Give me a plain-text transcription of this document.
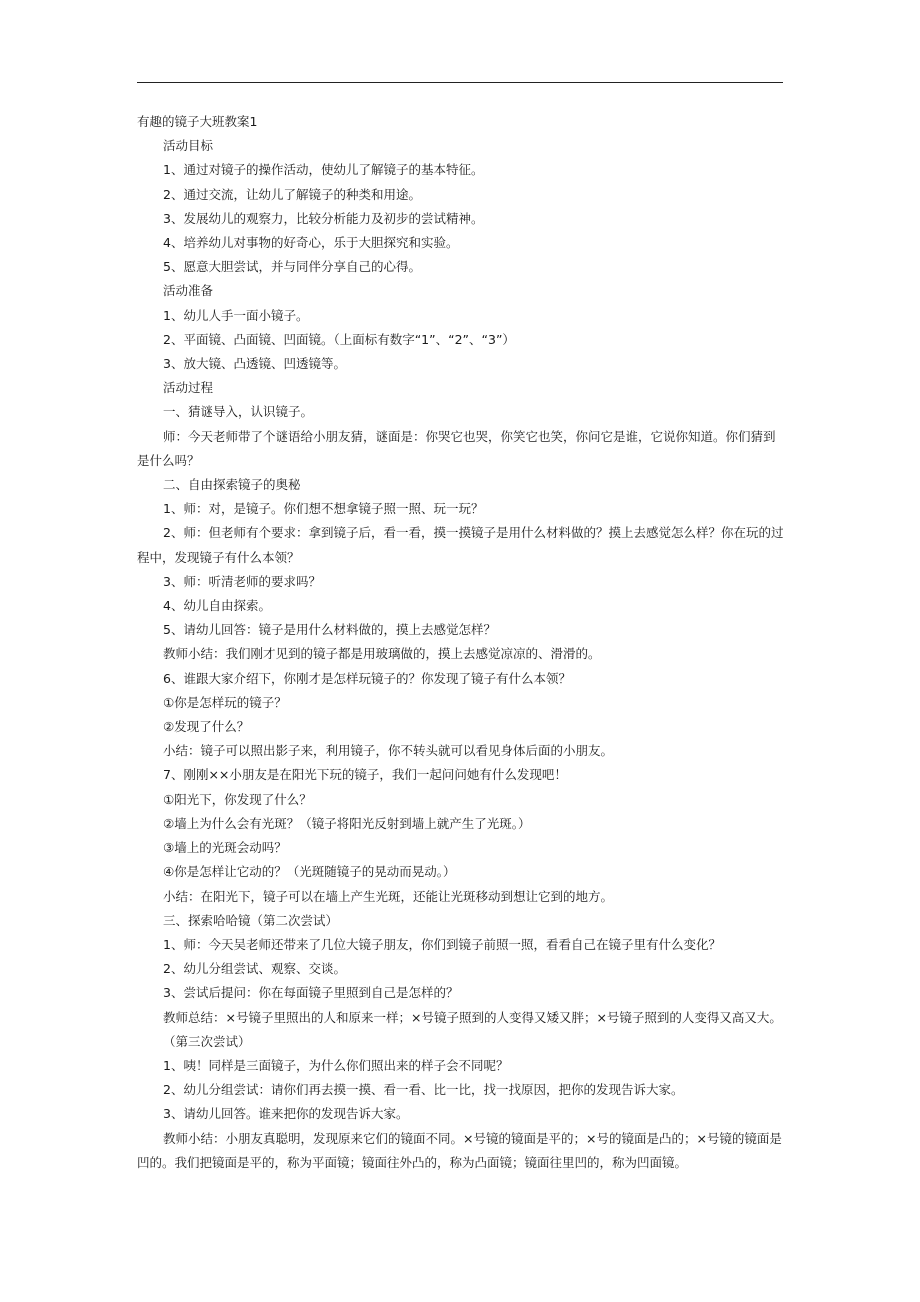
有趣的镜子大班教案1

活动目标

1、通过对镜子的操作活动，使幼儿了解镜子的基本特征。

2、通过交流，让幼儿了解镜子的种类和用途。

3、发展幼儿的观察力，比较分析能力及初步的尝试精神。

4、培养幼儿对事物的好奇心，乐于大胆探究和实验。

5、愿意大胆尝试，并与同伴分享自己的心得。

活动准备

1、幼儿人手一面小镜子。

2、平面镜、凸面镜、凹面镜。（上面标有数字“1”、“2”、“3”）

3、放大镜、凸透镜、凹透镜等。

活动过程

一、猜谜导入，认识镜子。

师：今天老师带了个谜语给小朋友猜，谜面是：你哭它也哭，你笑它也笑，你问它是谁，它说你知道。你们猜到是什么吗？

二、自由探索镜子的奥秘

1、师：对，是镜子。你们想不想拿镜子照一照、玩一玩？

2、师：但老师有个要求：拿到镜子后，看一看，摸一摸镜子是用什么材料做的？摸上去感觉怎么样？你在玩的过程中，发现镜子有什么本领？

3、师：听清老师的要求吗？

4、幼儿自由探索。

5、请幼儿回答：镜子是用什么材料做的，摸上去感觉怎样？

教师小结：我们刚才见到的镜子都是用玻璃做的，摸上去感觉凉凉的、滑滑的。

6、谁跟大家介绍下，你刚才是怎样玩镜子的？你发现了镜子有什么本领？

①你是怎样玩的镜子？

②发现了什么？

小结：镜子可以照出影子来，利用镜子，你不转头就可以看见身体后面的小朋友。

7、刚刚××小朋友是在阳光下玩的镜子，我们一起问问她有什么发现吧！

①阳光下，你发现了什么？

②墙上为什么会有光斑？（镜子将阳光反射到墙上就产生了光斑。）

③墙上的光斑会动吗？

④你是怎样让它动的？（光斑随镜子的晃动而晃动。）

小结：在阳光下，镜子可以在墙上产生光斑，还能让光斑移动到想让它到的地方。

三、探索哈哈镜（第二次尝试）

1、师：今天吴老师还带来了几位大镜子朋友，你们到镜子前照一照，看看自己在镜子里有什么变化？

2、幼儿分组尝试、观察、交谈。

3、尝试后提问：你在每面镜子里照到自己是怎样的？

教师总结：×号镜子里照出的人和原来一样；×号镜子照到的人变得又矮又胖；×号镜子照到的人变得又高又大。

（第三次尝试）

1、咦！同样是三面镜子，为什么你们照出来的样子会不同呢？

2、幼儿分组尝试：请你们再去摸一摸、看一看、比一比，找一找原因，把你的发现告诉大家。

3、请幼儿回答。谁来把你的发现告诉大家。

教师小结：小朋友真聪明，发现原来它们的镜面不同。×号镜的镜面是平的；×号的镜面是凸的；×号镜的镜面是凹的。我们把镜面是平的，称为平面镜；镜面往外凸的，称为凸面镜；镜面往里凹的，称为凹面镜。
